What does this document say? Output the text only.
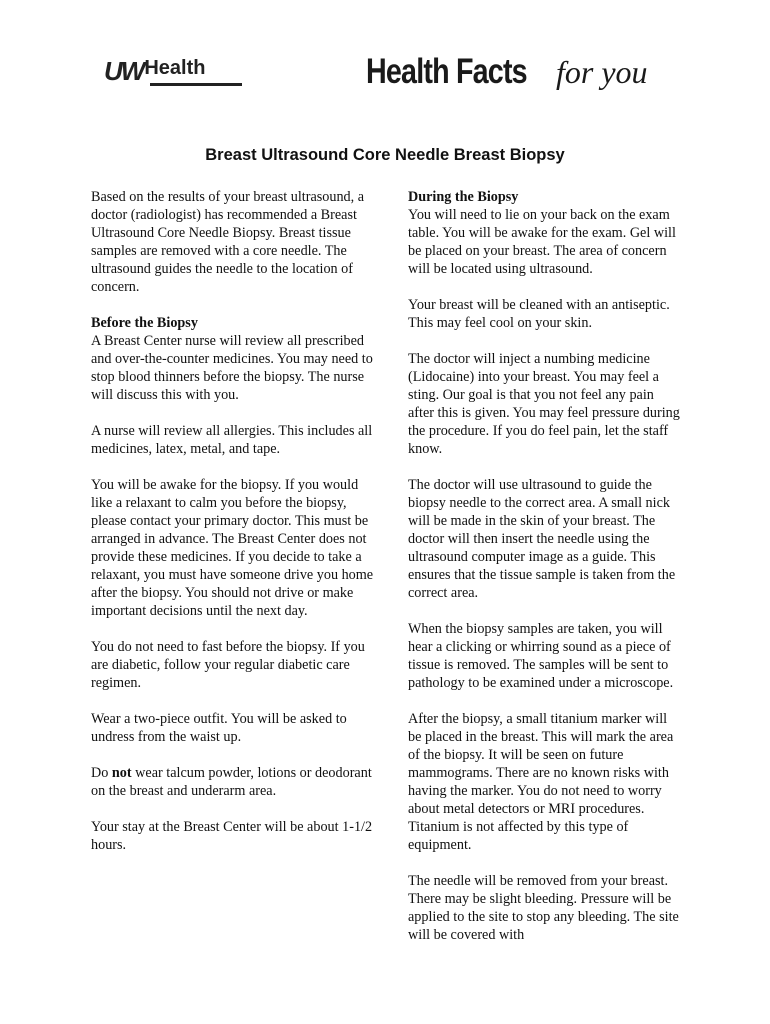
UWHealth	Health Facts for you
Breast Ultrasound Core Needle Breast Biopsy

Based on the results of your breast ultrasound, a doctor (radiologist) has recommended a Breast Ultrasound Core Needle Biopsy. Breast tissue samples are removed with a core needle. The ultrasound guides the needle to the location of concern.

Before the Biopsy

A Breast Center nurse will review all prescribed and over-the-counter medicines. You may need to stop blood thinners before the biopsy. The nurse will discuss this with you.

A nurse will review all allergies. This includes all medicines, latex, metal, and tape.

You will be awake for the biopsy. If you would like a relaxant to calm you before the biopsy, please contact your primary doctor. This must be arranged in advance. The Breast Center does not provide these medicines. If you decide to take a relaxant, you must have someone drive you home after the biopsy. You should not drive or make important decisions until the next day.

You do not need to fast before the biopsy. If you are diabetic, follow your regular diabetic care regimen.

Wear a two-piece outfit. You will be asked to undress from the waist up.

Do not wear talcum powder, lotions or deodorant on the breast and underarm area.

Your stay at the Breast Center will be about 1-1/2 hours.

During the Biopsy

You will need to lie on your back on the exam table. You will be awake for the exam. Gel will be placed on your breast. The area of concern will be located using ultrasound.

Your breast will be cleaned with an antiseptic. This may feel cool on your skin.

The doctor will inject a numbing medicine (Lidocaine) into your breast. You may feel a sting. Our goal is that you not feel any pain after this is given. You may feel pressure during the procedure. If you do feel pain, let the staff know.

The doctor will use ultrasound to guide the biopsy needle to the correct area. A small nick will be made in the skin of your breast. The doctor will then insert the needle using the ultrasound computer image as a guide. This ensures that the tissue sample is taken from the correct area.

When the biopsy samples are taken, you will hear a clicking or whirring sound as a piece of tissue is removed. The samples will be sent to pathology to be examined under a microscope.

After the biopsy, a small titanium marker will be placed in the breast. This will mark the area of the biopsy. It will be seen on future mammograms. There are no known risks with having the marker. You do not need to worry about metal detectors or MRI procedures. Titanium is not affected by this type of equipment.

The needle will be removed from your breast. There may be slight bleeding. Pressure will be applied to the site to stop any bleeding. The site will be covered with
